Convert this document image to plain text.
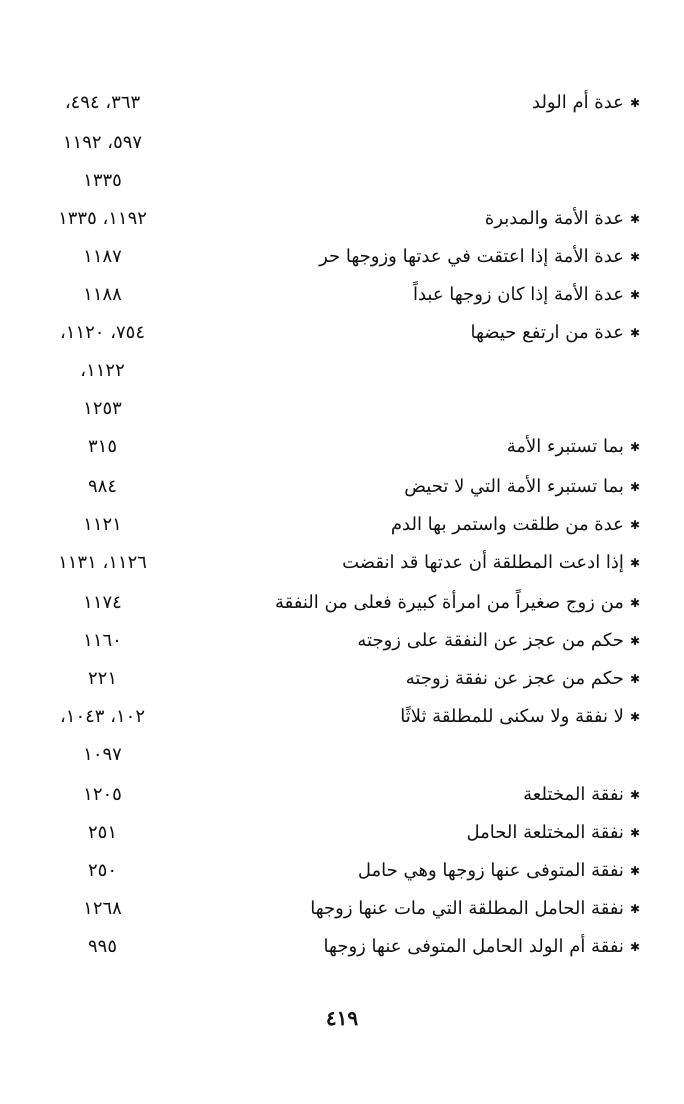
✱عدة أم الولد
٣٦٣، ٤٩٤،
٥٩٧، ١١٩٢
١٣٣٥
✱عدة الأمة والمدبرة
١١٩٢، ١٣٣٥
✱عدة الأمة إذا اعتقت في عدتها وزوجها حر
١١٨٧
✱عدة الأمة إذا كان زوجها عبداً
١١٨٨
✱عدة من ارتفع حيضها
٧٥٤، ١١٢٠،
١١٢٢،
١٢٥٣
✱بما تستبرء الأمة
٣١٥
✱بما تستبرء الأمة التي لا تحيض
٩٨٤
✱عدة من طلقت واستمر بها الدم
١١٢١
✱إذا ادعت المطلقة أن عدتها قد انقضت
١١٢٦، ١١٣١
✱من زوج صغيراً من امرأة كبيرة فعلى من النفقة
١١٧٤
✱حكم من عجز عن النفقة على زوجته
١١٦٠
✱حكم من عجز عن نفقة زوجته
٢٢١
✱لا نفقة ولا سكنى للمطلقة ثلاثًا
١٠٢، ١٠٤٣،
١٠٩٧
✱نفقة المختلعة
١٢٠٥
✱نفقة المختلعة الحامل
٢٥١
✱نفقة المتوفى عنها زوجها وهي حامل
٢٥٠
✱نفقة الحامل المطلقة التي مات عنها زوجها
١٢٦٨
✱نفقة أم الولد الحامل المتوفى عنها زوجها
٩٩٥
٤١٩
